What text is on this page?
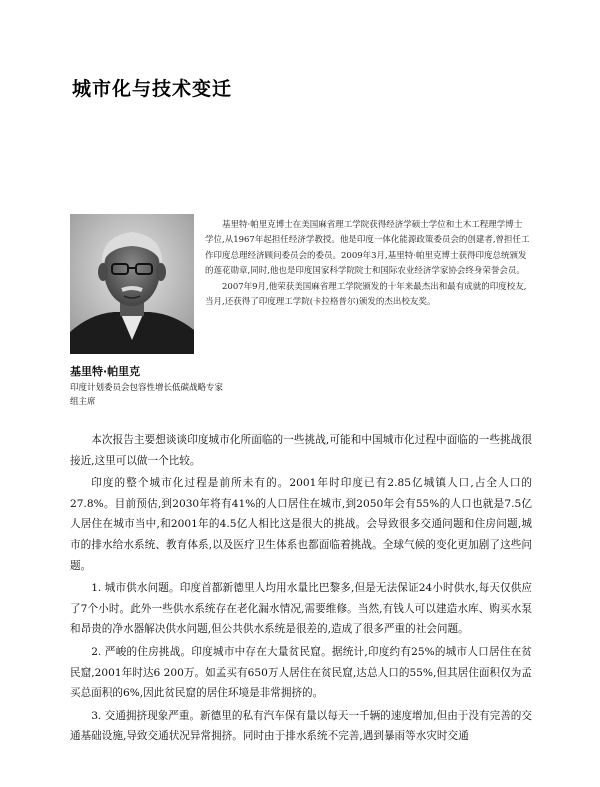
城市化与技术变迁
基里特·帕里克
印度计划委员会包容性增长低碳战略专家组主席

基里特·帕里克博士在美国麻省理工学院获得经济学硕士学位和土木工程理学博士学位,从1967年起担任经济学教授。他是印度一体化能源政策委员会的创建者,曾担任工作印度总理经济顾问委员会的委员。2009年3月,基里特·帕里克博士获得印度总统颁发的莲花勋章,同时,他也是印度国家科学院院士和国际农业经济学家协会终身荣誉会员。

2007年9月,他荣获美国麻省理工学院颁发的十年来最杰出和最有成就的印度校友,当月,还获得了印度理工学院(卡拉格普尔)颁发的杰出校友奖。

本次报告主要想谈谈印度城市化所面临的一些挑战,可能和中国城市化过程中面临的一些挑战很接近,这里可以做一个比较。

印度的整个城市化过程是前所未有的。2001年时印度已有2.85亿城镇人口,占全人口的27.8%。目前预估,到2030年将有41%的人口居住在城市,到2050年会有55%的人口也就是7.5亿人居住在城市当中,和2001年的4.5亿人相比这是很大的挑战。会导致很多交通问题和住房问题,城市的排水给水系统、教育体系,以及医疗卫生体系也都面临着挑战。全球气候的变化更加剧了这些问题。

1. 城市供水问题。印度首都新德里人均用水量比巴黎多,但是无法保证24小时供水,每天仅供应了7个小时。此外一些供水系统存在老化漏水情况,需要维修。当然,有钱人可以建造水库、购买水泵和昂贵的净水器解决供水问题,但公共供水系统是很差的,造成了很多严重的社会问题。

2. 严峻的住房挑战。印度城市中存在大量贫民窟。据统计,印度约有25%的城市人口居住在贫民窟,2001年时达6 200万。如孟买有650万人居住在贫民窟,达总人口的55%,但其居住面积仅为孟买总面积的6%,因此贫民窟的居住环境是非常拥挤的。

3. 交通拥挤现象严重。新德里的私有汽车保有量以每天一千辆的速度增加,但由于没有完善的交通基础设施,导致交通状况异常拥挤。同时由于排水系统不完善,遇到暴雨等水灾时交通
